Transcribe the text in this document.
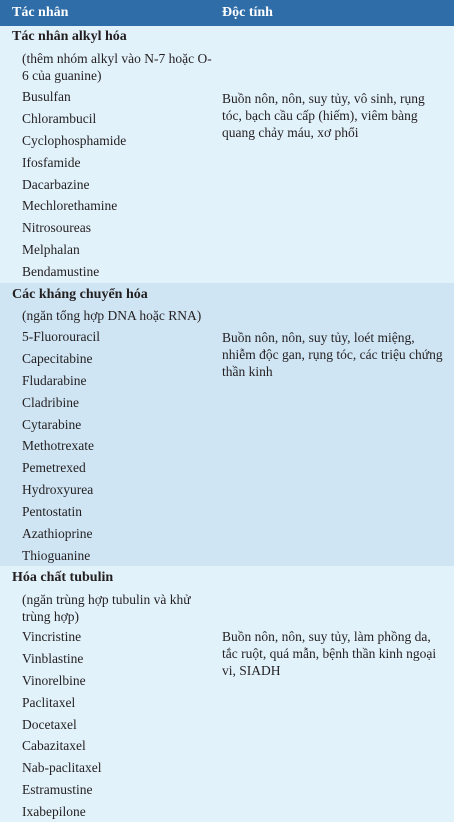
Tác nhân	Độc tính
Tác nhân alkyl hóa
(thêm nhóm alkyl vào N-7 hoặc O-6 của guanine)
Busulfan
Chlorambucil
Cyclophosphamide
Ifosfamide
Dacarbazine
Mechlorethamine
Nitrosoureas
Melphalan
Bendamustine
Buồn nôn, nôn, suy tủy, vô sinh, rụng tóc, bạch cầu cấp (hiếm), viêm bàng quang chảy máu, xơ phổi
Các kháng chuyển hóa
(ngăn tổng hợp DNA hoặc RNA)
5-Fluorouracil
Capecitabine
Fludarabine
Cladribine
Cytarabine
Methotrexate
Pemetrexed
Hydroxyurea
Pentostatin
Azathioprine
Thioguanine
Buồn nôn, nôn, suy tủy, loét miệng, nhiễm độc gan, rụng tóc, các triệu chứng thần kinh
Hóa chất tubulin
(ngăn trùng hợp tubulin và khử trùng hợp)
Vincristine
Vinblastine
Vinorelbine
Paclitaxel
Docetaxel
Cabazitaxel
Nab-paclitaxel
Estramustine
Ixabepilone
Buồn nôn, nôn, suy tủy, làm phồng da, tắc ruột, quá mẫn, bệnh thần kinh ngoại vi, SIADH
